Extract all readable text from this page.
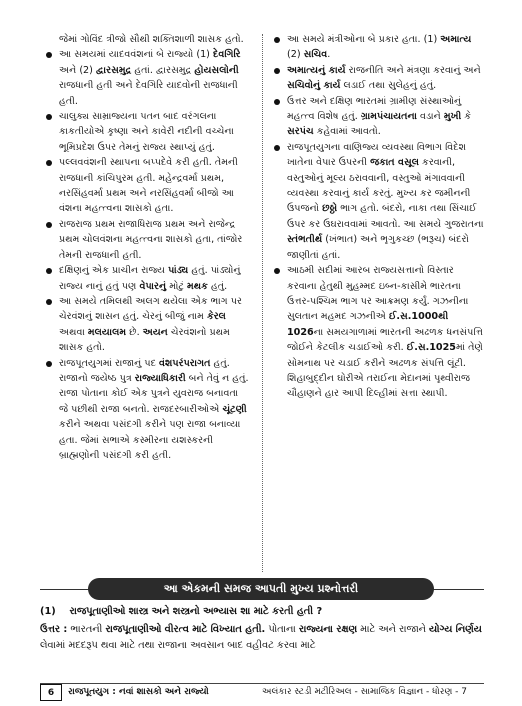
જેમાં ગોવિંદ ત્રીજો સૌથી શક્તિશાળી શાસક હતો.
આ સમયમાં યાદવવંશનાં બે રાજ્યો (1) દેવગિરિ અને (2) દ્વારસમુદ્ર હતાં. દ્વારસમુદ્ર હોયસલોની રાજધાની હતી અને દેવગિરિ યાદવોની રાજધાની હતી.
ચાલુક્ય સામ્રાજ્યના પતન બાદ વરંગલના કાકતીયોએ કૃષ્ણા અને કાવેરી નદીની વચ્ચેના ભૂમિપ્રદેશ ઉપર તેમનું રાજ્ય સ્થાપ્યું હતું.
પલ્લવવંશની સ્થાપના બપ્પદેવે કરી હતી. તેમની રાજધાની કાંચિપુરમ હતી. મહેન્દ્રવર્મા પ્રથમ, નરસિંહવર્મા પ્રથમ અને નરસિંહવર્મા બીજો આ વંશના મહત્ત્વના શાસકો હતા.
રાજરાજ પ્રથમ રાજાધિરાજ પ્રથમ અને રાજેન્દ્ર પ્રથમ ચોલવંશના મહત્ત્વના શાસકો હતા, તાંજોર તેમની રાજધાની હતી.
દક્ષિણનું એક પ્રાચીન રાજ્ય પાંડ્ય હતું. પાંડ્યોનું રાજ્ય નાનું હતું પણ વેપારનું મોટું મથક હતું.
આ સમયે તમિલથી અલગ થયેલા એક ભાગ પર ચેરવંશનું શાસન હતું. ચેરનું બીજું નામ કેરલ અથવા મલયાલમ છે. અયન ચેરવંશનો પ્રથમ શાસક હતો.
રાજપૂતયુગમાં રાજાનું પદ વંશપરંપરાગત હતું. રાજાનો જયેષ્ઠ પુત્ર રાજ્યાધિકારી બને તેવું ન હતું. રાજા પોતાના કોઈ એક પુત્રને યુવરાજ બનાવતા જે પછીથી રાજા બનતો. રાજદરબારીઓએ ચૂંટણી કરીને અથવા પસંદગી કરીને પણ રાજા બનાવ્યા હતા. જેમાં સભાએ કસ્મીરના યશસ્કરની બ્રાહ્મણોની પસંદગી કરી હતી.
આ સમયે મંત્રીઓના બે પ્રકાર હતા. (1) અમાત્ય (2) સચિવ.
અમાત્યનું કાર્ય રાજનીતિ અને મંત્રણા કરવાનું અને સચિવોનું કાર્ય લડાઈ તથા સુલેહનું હતું.
ઉત્તર અને દક્ષિણ ભારતમાં ગ્રામીણ સંસ્થાઓનું મહત્ત્વ વિશેષ હતું. ગ્રામપંચાયતના વડાને મુખી કે સરપંચ કહેવામાં આવતો.
રાજપૂતયુગના વાણિજ્ય વ્યવસ્થા વિભાગ વિદેશ ખાતેના વેપાર ઉપરની જકાત વસૂલ કરવાની, વસ્તુઓનું મૂલ્ય ઠરાવવાની, વસ્તુઓ મંગાવવાની વ્યવસ્થા કરવાનું કાર્ય કરતું. મુખ્ય કર જમીનની ઉપજનો છઠ્ઠો ભાગ હતો. બંદરો, નાકા તથા સિંચાઈ ઉપર કર ઉઘરાવવામાં આવતો. આ સમયે ગુજરાતના સ્તંભતીર્થ (ખંભાત) અને ભૃગુકચ્છ (ભરૂચ) બંદરો જાણીતાં હતાં.
આઠમી સદીમાં આરબ રાજ્યસત્તાનો વિસ્તાર કરવાના હેતુથી મુહમ્મદ ઇબ્ન-કાસીમે ભારતના ઉત્તર-પશ્ચિમ ભાગ પર આક્રમણ કર્યું. ગઝનીના સુલતાન મહમદ ગઝનીએ ઈ.સ.1000થી 1026ના સમયગાળામાં ભારતની અઢળક ધનસંપત્તિ જોઈને કેટલીક ચડાઈઓ કરી. ઈ.સ.1025માં તેણે સોમનાથ પર ચડાઈ કરીને અઢળક સંપત્તિ લૂંટી. શિહાબુદ્દીન ઘોરીએ તરાઈના મેદાનમાં પૃથ્વીરાજ ચૌહાણને હાર આપી દિલ્હીમાં સત્તા સ્થાપી.
આ એકમની સમજ આપતી મુખ્ય પ્રશ્નોત્તરી
(1) રાજપૂતાણીઓ શાસ્ત્ર અને શસ્ત્રનો અભ્યાસ શા માટે કરતી હતી ?
ઉત્તર : ભારતની રાજપૂતાણીઓ વીરત્વ માટે વિખ્યાત હતી. પોતાના રાજ્યના રક્ષણ માટે અને રાજાને યોગ્ય નિર્ણય લેવામાં મદદરૂપ થવા માટે તથા રાજાના અવસાન બાદ વહીવટ કરવા માટે
6	રાજપૂતયુગ : નવાં શાસકો અને રાજ્યો	અલંકાર સ્ટડી મટીરિઅલ - સામાજિક વિજ્ઞાન - ધોરણ - 7
